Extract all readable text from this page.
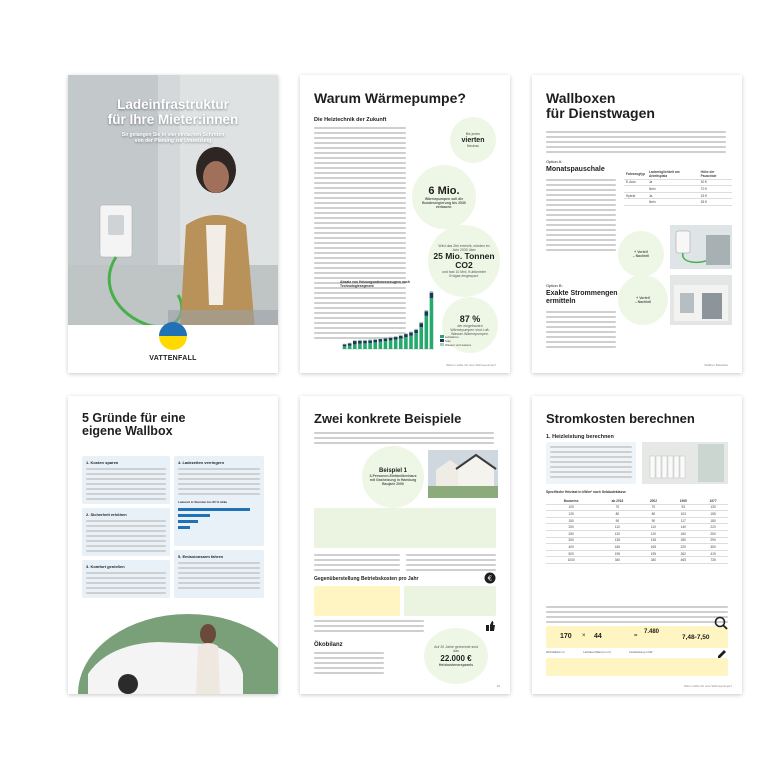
Ladeinfrastruktur
für Ihre Mieter:innen
So gelangen Sie in vier einfachen Schritten
von der Planung zur Umsetzung
VATTENFALL
Warum Wärmepumpe?
Die Heiztechnik der Zukunft
Bis jeden
vierten
Neubau
6 Mio.
Wärmepumpen soll die Bundesregierung bis 2030 verbauen.
Wird das Ziel erreicht, würden im Jahr 2030 über
25 Mio. Tonnen CO2
und fast 10 Mrd. Kubikmeter Erdgas eingespart.
87 %
der eingebauten Wärmepumpen sind Luft-Wasser-Wärmepumpen.
Absatz von Heizungswärmeerzeugern nach Technologiesegment
Luftwärme
Sole
Wasser und weitere
Warum sollte ich eine Wärmepumpe?
Wallboxen
für Dienstwagen
Option A:
Monatspauschale
Fahrzeugtyp	Lademöglichkeit am Arbeitsplatz	Höhe der Pauschale
E-Auto	Ja	30 €
	Nein	70 €
Hybrid	Ja	15 €
	Nein	35 €
+ Vorteil
– Nachteil
Option B:
Exakte Strommengen
ermitteln
+ Vorteil
– Nachteil
Wallbox Beispiele
5 Gründe für eine
eigene Wallbox
1. Kosten sparen
2. Sicherheit erhöhen
3. Komfort genießen
4. Ladezeiten verringern
Ladezeit in Stunden bis 80 % Akku
5. Emissionsarm fahren
4
Zwei konkrete Beispiele
Beispiel 1
3-Personen-Einfamilienhaus mit Gasheizung in Hamburg Baujahr 2000
Gegenüberstellung Betriebskosten pro Jahr	€
Ökobilanz	Auf 20 Jahre gerechnet sind das
22.000 €
Heizkostenersparnis
15
Stromkosten berechnen
1. Heizleistung berechnen
Spezifische Heizlast in kW/m² nach Gebäudeklasse
Bauweise	ab 2016	2002	1995	1977
100	70	70	93	130
125	80	80	103	155
150	90	90	117	180
200	110	110	140	220
250	120	120	160	250
300	135	135	180	290
400	165	165	220	350
500	195	195	262	415
1000	340	340	465	735
170 × 44	=
7.480
7,48-7,50
Wohnfläche m²	Heizlast (Watt pro m²)	Heizleistung in kW
Wann sollte ich eine Wärmepumpe?
